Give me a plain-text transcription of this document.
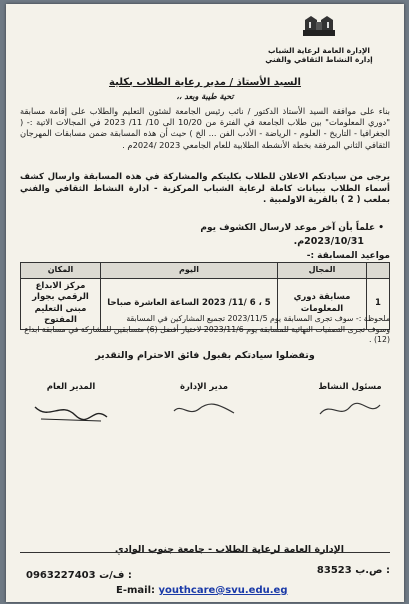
الإدارة العامة لرعاية الشباب
إدارة النشاط الثقافي والفني
السيد الأستاذ / مدير رعاية الطلاب بكلية
تحية طيبة وبعد ،،
بناء على موافقة السيد الأستاذ الدكتور / نائب رئيس الجامعة لشئون التعليم والطلاب على إقامة مسابقة "دوري المعلومات" بين طلاب الجامعة في الفترة من 10/20 الى 10/ 11/ 2023 في المجالات الاتية :- ( الجغرافيا - التاريخ - العلوم - الرياضة - الأدب الفن ... الخ ) حيث أن هذه المسابقة ضمن مسابقات المهرجان الثقافي الثاني المرفقة بخطة الأنشطة الطلابية للعام الجامعي 2023 /2024م .
يرجى من سيادتكم الاعلان للطلاب بكليتكم والمشاركة في هذه المسابقة وارسال كشف أسماء الطلاب ببيانات كاملة لرعاية الشباب المركزية - ادارة النشاط الثقافي والفني بملعب ( 2 ) بالقرية الاولمبية .
• علماً بأن آخر موعد لارسال الكشوف يوم
2023/10/31م.
مواعيد المسابقة :-
	المجال	اليوم	المكان
1	مسابقة دوري المعلومات	5 ، 6 /11/ 2023 الساعة العاشرة صباحا	مركز الابداع الرقمي بجوار مبنى التعليم المفتوح	ملحوظة :- سوف تجرى المسابقة يوم 2023/11/5 تجميع المشاركين في المسابقة
وسوف تجرى التصفيات النهائية للمسابقة يوم 2023/11/6 لاختيار أفضل (6) متسابقين للمشاركة في مسابقة ابداع (12) .
وتفضلوا سيادتكم بقبول فائق الاحترام والتقدير
مسئول النشاط
مدير الإدارة
المدير العام
الإدارة العامة لرعاية الطلاب - جامعة جنوب الوادي
83523 ص.ب :
0963227403 ف/ت :
E-mail: youthcare@svu.edu.eg
